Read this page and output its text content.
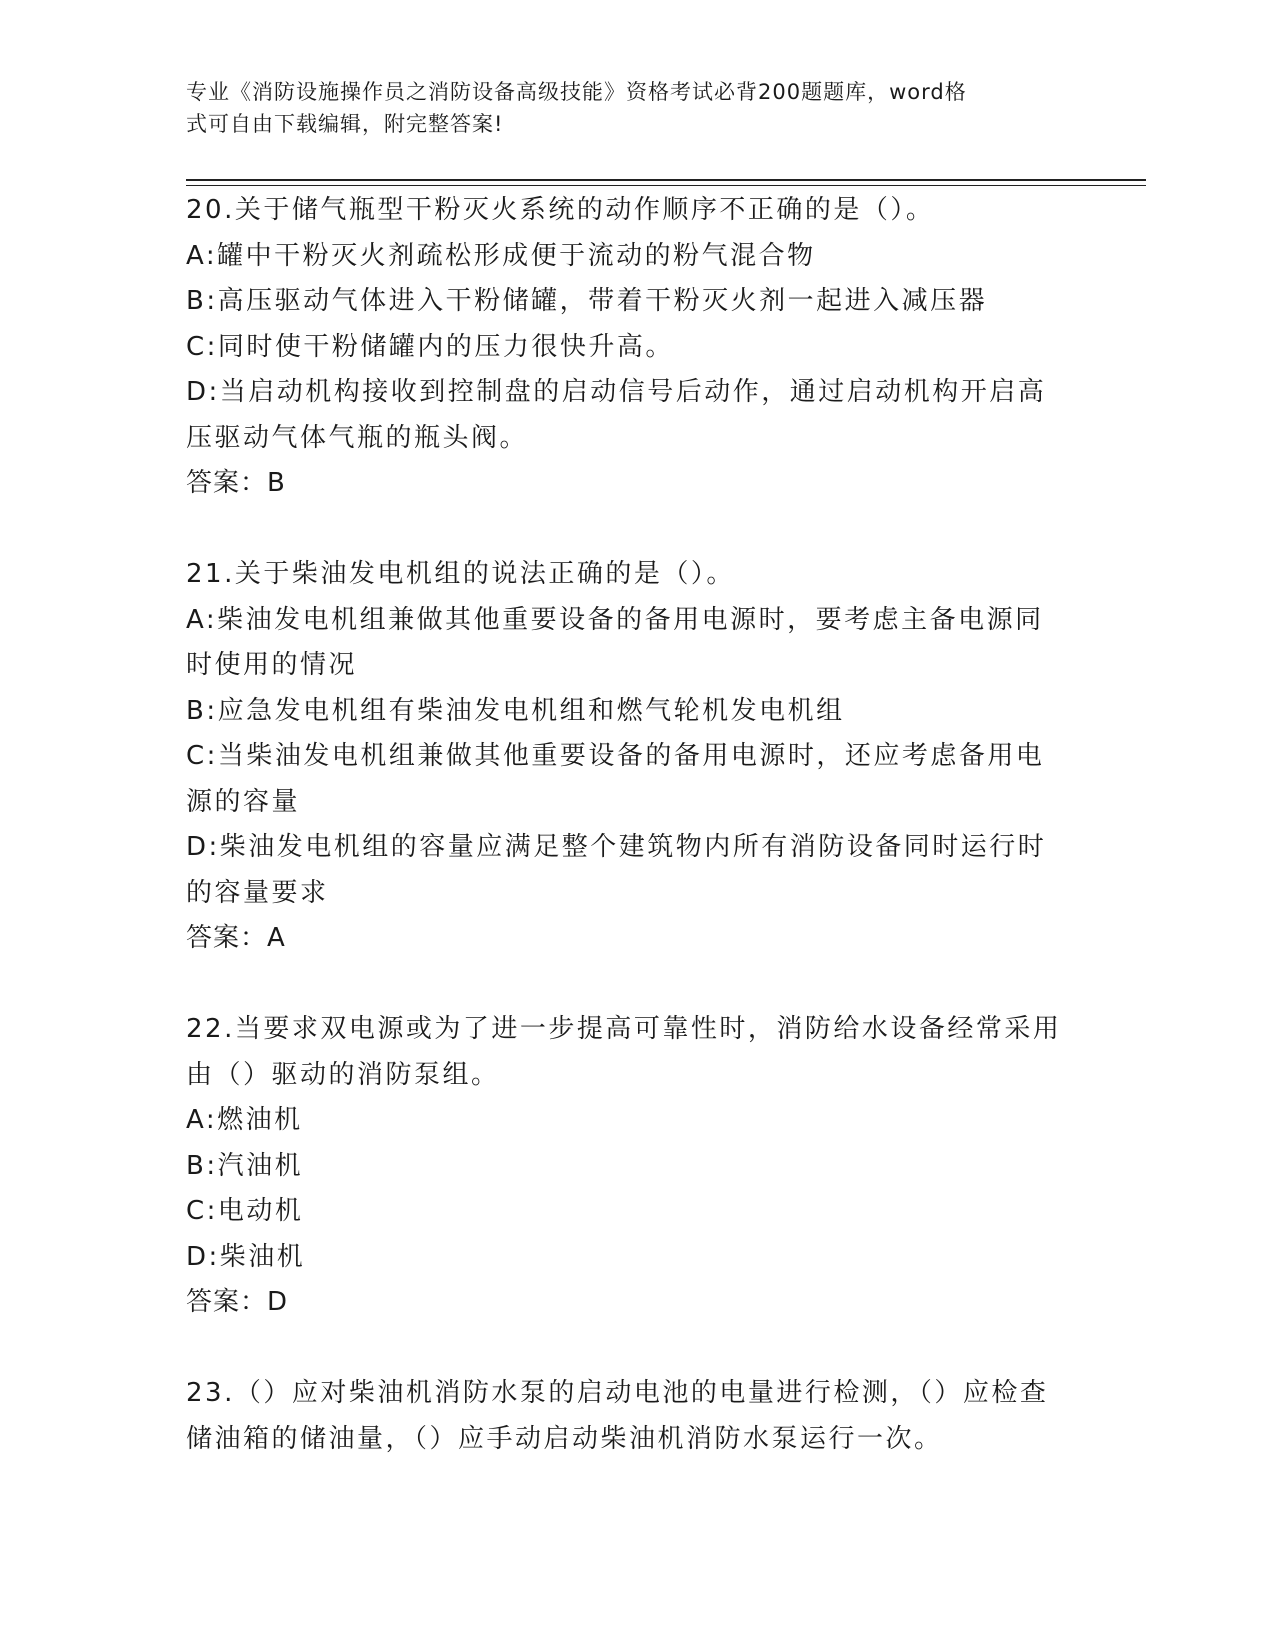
专业《消防设施操作员之消防设备高级技能》资格考试必背200题题库，word格
式可自由下载编辑，附完整答案!

20.关于储气瓶型干粉灭火系统的动作顺序不正确的是（）。

A:罐中干粉灭火剂疏松形成便于流动的粉气混合物

B:高压驱动气体进入干粉储罐，带着干粉灭火剂一起进入减压器

C:同时使干粉储罐内的压力很快升高。

D:当启动机构接收到控制盘的启动信号后动作，通过启动机构开启高

压驱动气体气瓶的瓶头阀。

答案：B

21.关于柴油发电机组的说法正确的是（）。

A:柴油发电机组兼做其他重要设备的备用电源时，要考虑主备电源同

时使用的情况

B:应急发电机组有柴油发电机组和燃气轮机发电机组

C:当柴油发电机组兼做其他重要设备的备用电源时，还应考虑备用电

源的容量

D:柴油发电机组的容量应满足整个建筑物内所有消防设备同时运行时

的容量要求

答案：A

22.当要求双电源或为了进一步提高可靠性时，消防给水设备经常采用

由（）驱动的消防泵组。

A:燃油机

B:汽油机

C:电动机

D:柴油机

答案：D

23.（）应对柴油机消防水泵的启动电池的电量进行检测，（）应检查

储油箱的储油量，（）应手动启动柴油机消防水泵运行一次。
